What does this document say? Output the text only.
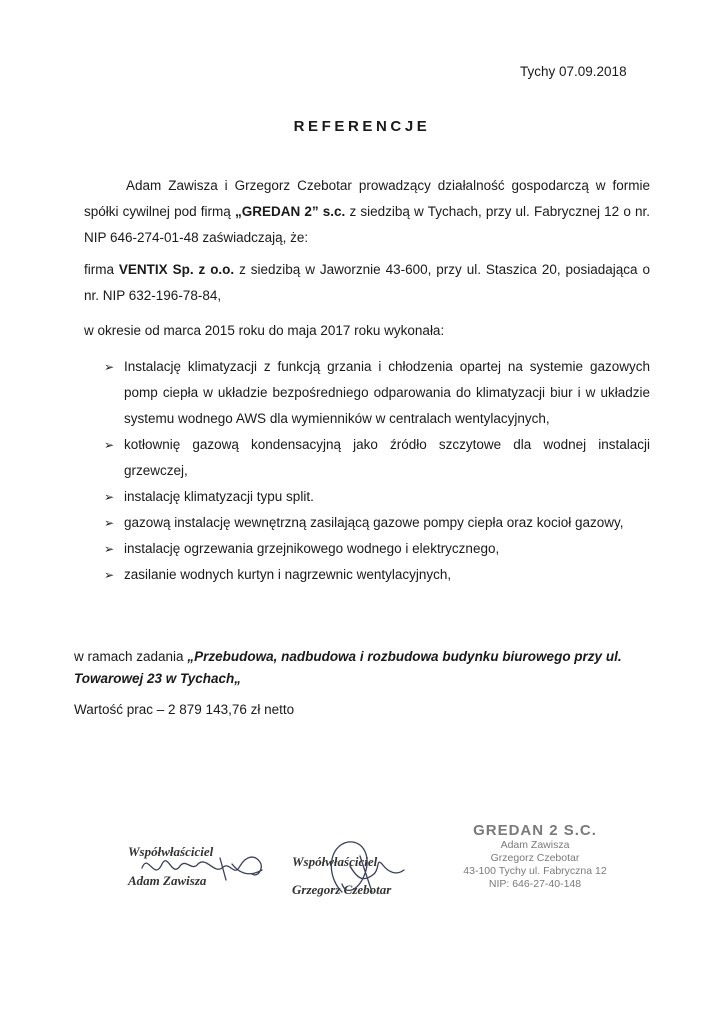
Tychy 07.09.2018
REFERENCJE
Adam Zawisza i Grzegorz Czebotar prowadzący działalność gospodarczą w formie spółki cywilnej pod firmą „GREDAN 2” s.c. z siedzibą w Tychach, przy ul. Fabrycznej 12 o nr. NIP 646-274-01-48 zaświadczają, że:
firma VENTIX Sp. z o.o. z siedzibą w Jaworznie 43-600, przy ul. Staszica 20, posiadająca o nr. NIP 632-196-78-84,
w okresie od marca 2015 roku do maja 2017 roku wykonała:
➢ Instalację klimatyzacji z funkcją grzania i chłodzenia opartej na systemie gazowych pomp ciepła w układzie bezpośredniego odparowania do klimatyzacji biur i w układzie systemu wodnego AWS dla wymienników w centralach wentylacyjnych,
➢ kotłownię gazową kondensacyjną jako źródło szczytowe dla wodnej instalacji grzewczej,
➢ instalację klimatyzacji typu split.
➢ gazową instalację wewnętrzną zasilającą gazowe pompy ciepła oraz kocioł gazowy,
➢ instalację ogrzewania grzejnikowego wodnego i elektrycznego,
➢ zasilanie wodnych kurtyn i nagrzewnic wentylacyjnych,
w ramach zadania „Przebudowa, nadbudowa i rozbudowa budynku biurowego przy ul. Towarowej 23 w Tychach„
Wartość prac – 2 879 143,76 zł netto
Współwłaściciel
Adam Zawisza
Współwłaściciel
Grzegorz Czebotar
GREDAN 2 S.C.
Adam Zawisza
Grzegorz Czebotar
43-100 Tychy ul. Fabryczna 12
NIP: 646-27-40-148
